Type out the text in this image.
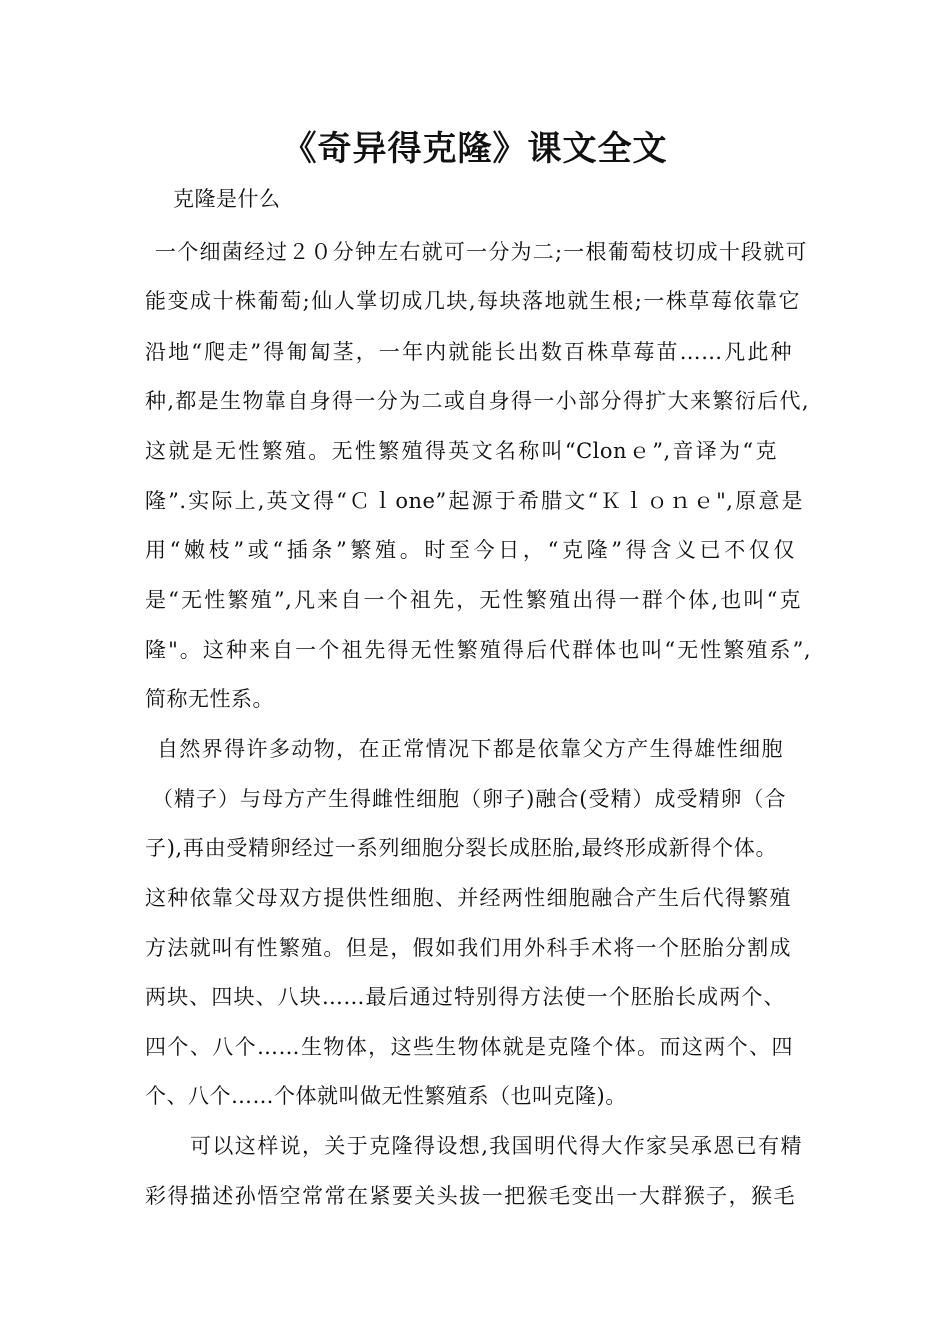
《奇异得克隆》课文全文
克隆是什么
一个细菌经过２０分钟左右就可一分为二;一根葡萄枝切成十段就可
能变成十株葡萄;仙人掌切成几块,每块落地就生根;一株草莓依靠它
沿地“爬走”得匍匐茎，一年内就能长出数百株草莓苗……凡此种
种,都是生物靠自身得一分为二或自身得一小部分得扩大来繁衍后代,
这就是无性繁殖。无性繁殖得英文名称叫“Clonｅ”,音译为“克
隆”.实际上,英文得“Ｃｌone”起源于希腊文“Ｋｌｏｎｅ",原意是
用“嫩枝”或“插条”繁殖。时至今日，“克隆”得含义已不仅仅
是“无性繁殖”,凡来自一个祖先，无性繁殖出得一群个体,也叫“克
隆"。这种来自一个祖先得无性繁殖得后代群体也叫“无性繁殖系”,
简称无性系。
自然界得许多动物，在正常情况下都是依靠父方产生得雄性细胞
（精子）与母方产生得雌性细胞（卵子)融合(受精）成受精卵（合
子),再由受精卵经过一系列细胞分裂长成胚胎,最终形成新得个体。
这种依靠父母双方提供性细胞、并经两性细胞融合产生后代得繁殖
方法就叫有性繁殖。但是，假如我们用外科手术将一个胚胎分割成
两块、四块、八块……最后通过特别得方法使一个胚胎长成两个、
四个、八个……生物体，这些生物体就是克隆个体。而这两个、四
个、八个……个体就叫做无性繁殖系（也叫克隆)。
可以这样说，关于克隆得设想,我国明代得大作家吴承恩已有精
彩得描述孙悟空常常在紧要关头拔一把猴毛变出一大群猴子，猴毛
